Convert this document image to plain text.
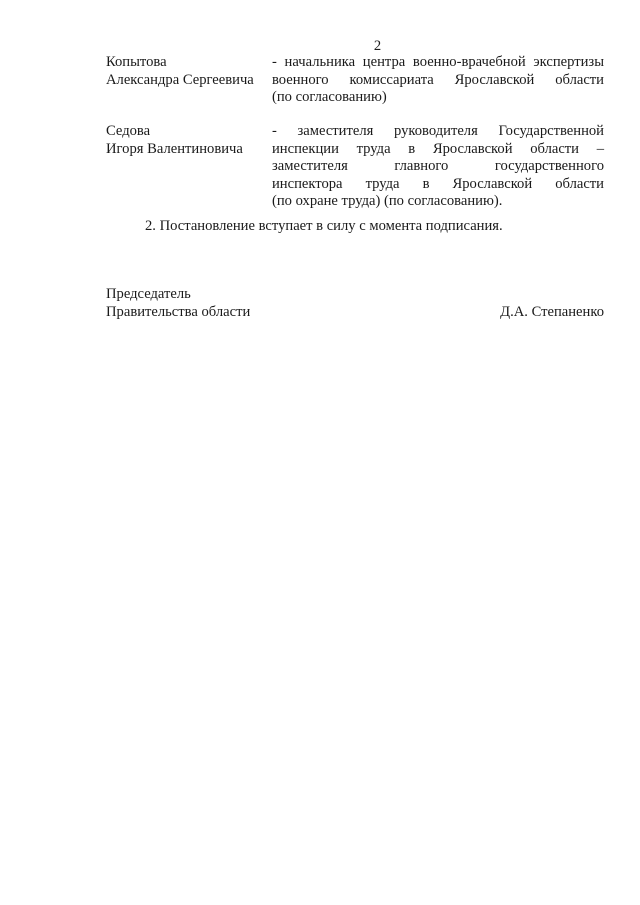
2
Копытова
Александра Сергеевича
- начальника центра военно-врачебной экспертизы
военного комиссариата Ярославской области
(по согласованию)
Седова
Игоря Валентиновича
- заместителя руководителя Государственной
инспекции труда в Ярославской области –
заместителя главного государственного
инспектора труда в Ярославской области
(по охране труда) (по согласованию).
2. Постановление вступает в силу с момента подписания.
Председатель
Правительства области	Д.А. Степаненко
